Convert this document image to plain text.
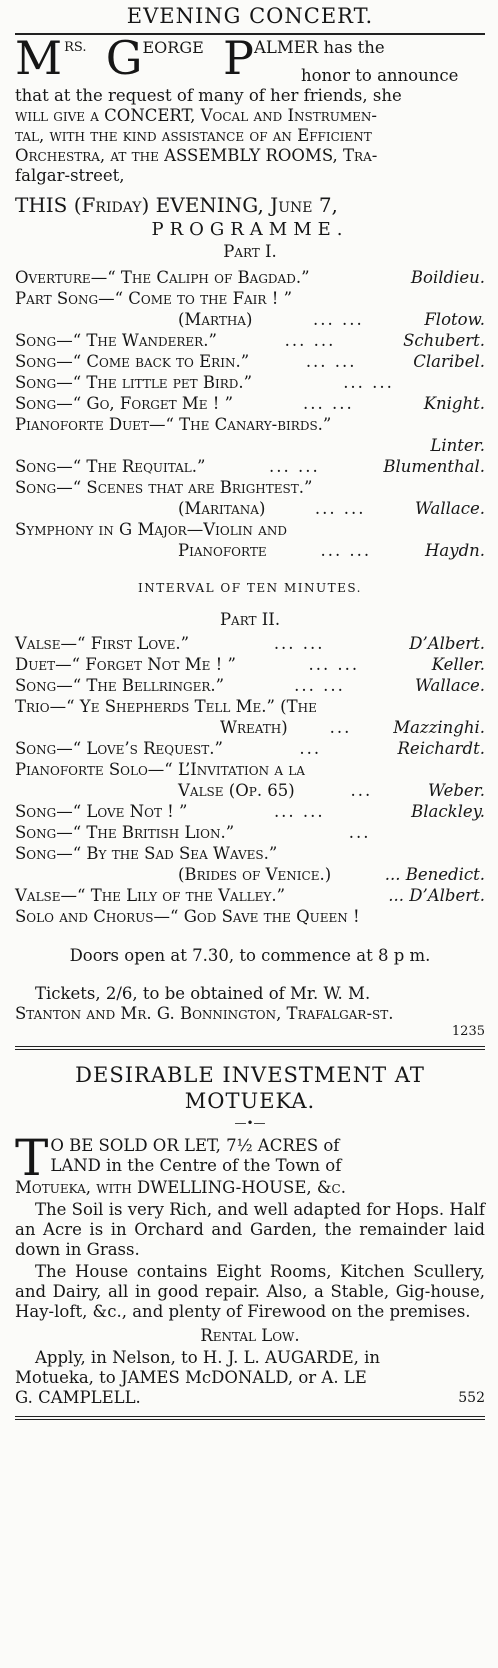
EVENING CONCERT.
M $^{RS.}$ GEORGE PALMER has the
honor to announce
that at the request of many of her friends, she
will give a CONCERT, Vocal and Instrumen-
tal, with the kind assistance of an Efficient
Orchestra, at the ASSEMBLY ROOMS, Tra-
falgar-street,
THIS (Friday) EVENING, June 7,
PROGRAMME.
Part I.
Overture—“ The Caliph of Bagdad.”	Boildieu.
Part Song—“ Come to the Fair ! ”
(Martha)	... ...	Flotow.
Song—“ The Wanderer.”	... ...	Schubert.
Song—“ Come back to Erin.”	... ...	Claribel.
Song—“ The little pet Bird.”	... ...
Song—“ Go, Forget Me ! ”	... ...	Knight.
Pianoforte Duet—“ The Canary-birds.”
Linter.
Song—“ The Requital.”	... ...	Blumenthal.
Song—“ Scenes that are Brightest.”
(Maritana)	... ...	Wallace.
Symphony in G Major—Violin and
Pianoforte	... ...	Haydn.
INTERVAL OF TEN MINUTES.
Part II.
Valse—“ First Love.”	... ...	D’Albert.
Duet—“ Forget Not Me ! ”	... ...	Keller.
Song—“ The Bellringer.”	... ...	Wallace.
Trio—“ Ye Shepherds Tell Me.” (The
Wreath)	...	Mazzinghi.
Song—“ Love’s Request.”	...	Reichardt.
Pianoforte Solo—“ L’Invitation a la
Valse (Op. 65)	...	Weber.
Song—“ Love Not ! ”	... ...	Blackley.
Song—“ The British Lion.”	...
Song—“ By the Sad Sea Waves.”
(Brides of Venice.)	... Benedict.
Valse—“ The Lily of the Valley.”	... D’Albert.
Solo and Chorus—“ God Save the Queen !
Doors open at 7.30, to commence at 8 p m.
Tickets, 2/6, to be obtained of Mr. W. M.
Stanton and Mr. G. Bonnington, Trafalgar-st.
1235
DESIRABLE INVESTMENT AT
MOTUEKA.
—•—
T O BE SOLD OR LET, 7½ ACRES of
LAND in the Centre of the Town of
Motueka, with DWELLING-HOUSE, &c.
The Soil is very Rich, and well adapted for Hops. Half an Acre is in Orchard and Garden, the remainder laid down in Grass.
The House contains Eight Rooms, Kitchen Scullery, and Dairy, all in good repair. Also, a Stable, Gig-house, Hay-loft, &c., and plenty of Firewood on the premises.
Rental Low.
Apply, in Nelson, to H. J. L. AUGARDE, in
Motueka, to JAMES McDONALD, or A. LE
G. CAMPLELL.	552
